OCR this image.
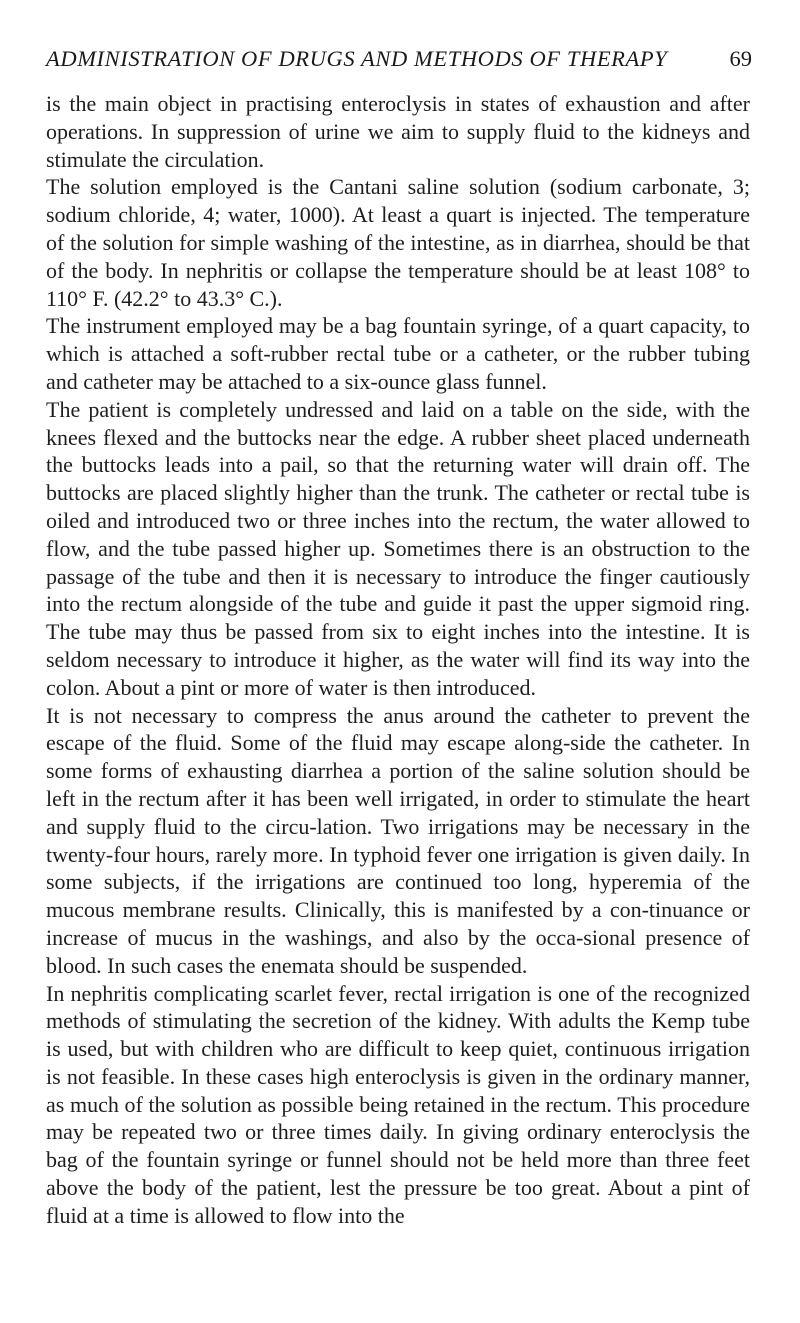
ADMINISTRATION OF DRUGS AND METHODS OF THERAPY	69

is the main object in practising enteroclysis in states of exhaustion and after operations. In suppression of urine we aim to supply fluid to the kidneys and stimulate the circulation.

The solution employed is the Cantani saline solution (sodium carbonate, 3; sodium chloride, 4; water, 1000). At least a quart is injected. The temperature of the solution for simple washing of the intestine, as in diarrhea, should be that of the body. In nephritis or collapse the temperature should be at least 108° to 110° F. (42.2° to 43.3° C.).

The instrument employed may be a bag fountain syringe, of a quart capacity, to which is attached a soft-rubber rectal tube or a catheter, or the rubber tubing and catheter may be attached to a six-ounce glass funnel.

The patient is completely undressed and laid on a table on the side, with the knees flexed and the buttocks near the edge. A rubber sheet placed underneath the buttocks leads into a pail, so that the returning water will drain off. The buttocks are placed slightly higher than the trunk. The catheter or rectal tube is oiled and introduced two or three inches into the rectum, the water allowed to flow, and the tube passed higher up. Sometimes there is an obstruction to the passage of the tube and then it is necessary to introduce the finger cautiously into the rectum alongside of the tube and guide it past the upper sigmoid ring. The tube may thus be passed from six to eight inches into the intestine. It is seldom necessary to introduce it higher, as the water will find its way into the colon. About a pint or more of water is then introduced.

It is not necessary to compress the anus around the catheter to prevent the escape of the fluid. Some of the fluid may escape along-side the catheter. In some forms of exhausting diarrhea a portion of the saline solution should be left in the rectum after it has been well irrigated, in order to stimulate the heart and supply fluid to the circu-lation. Two irrigations may be necessary in the twenty-four hours, rarely more. In typhoid fever one irrigation is given daily. In some subjects, if the irrigations are continued too long, hyperemia of the mucous membrane results. Clinically, this is manifested by a con-tinuance or increase of mucus in the washings, and also by the occa-sional presence of blood. In such cases the enemata should be suspended.

In nephritis complicating scarlet fever, rectal irrigation is one of the recognized methods of stimulating the secretion of the kidney. With adults the Kemp tube is used, but with children who are difficult to keep quiet, continuous irrigation is not feasible. In these cases high enteroclysis is given in the ordinary manner, as much of the solution as possible being retained in the rectum. This procedure may be repeated two or three times daily. In giving ordinary enteroclysis the bag of the fountain syringe or funnel should not be held more than three feet above the body of the patient, lest the pressure be too great. About a pint of fluid at a time is allowed to flow into the
